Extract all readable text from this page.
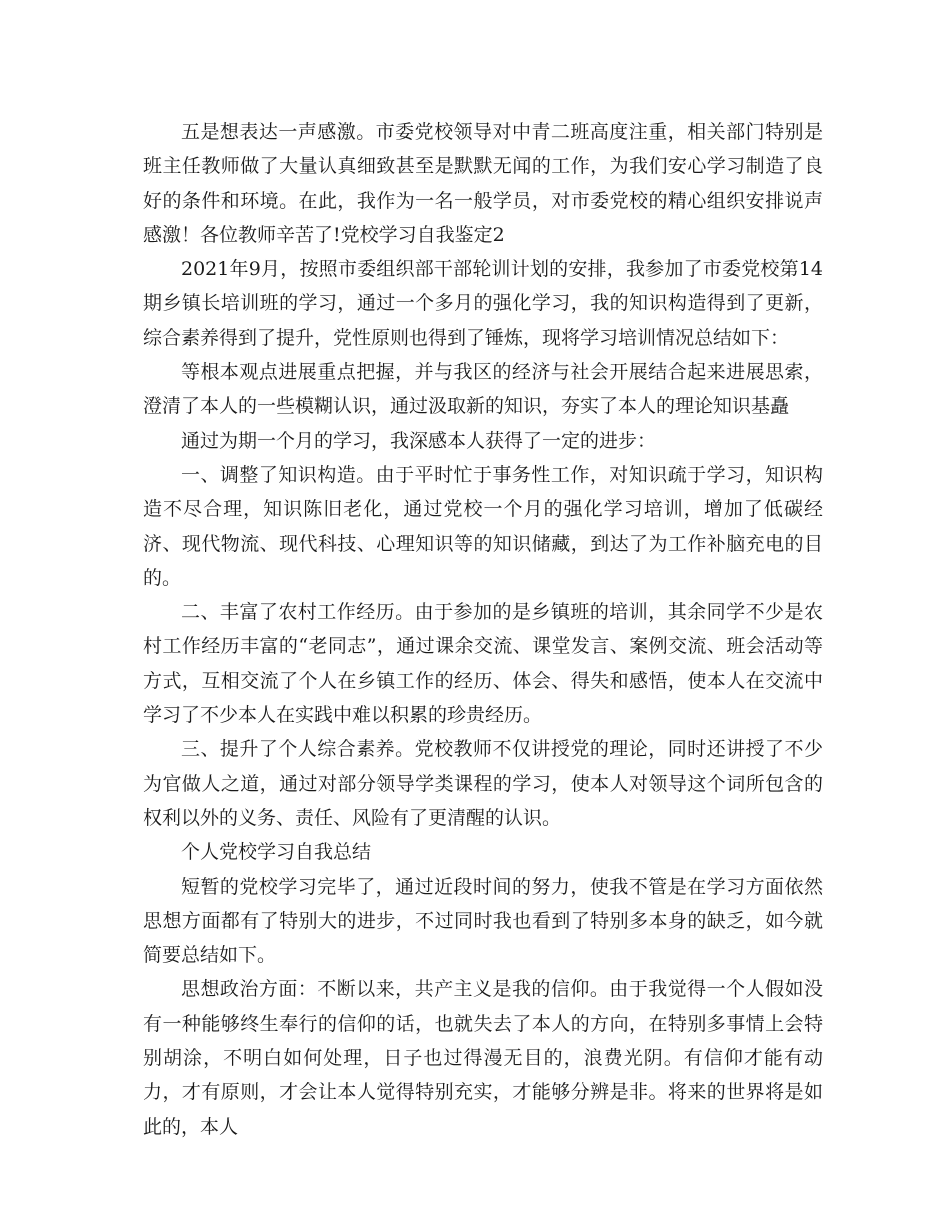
五是想表达一声感激。市委党校领导对中青二班高度注重，相关部门特别是班主任教师做了大量认真细致甚至是默默无闻的工作，为我们安心学习制造了良好的条件和环境。在此，我作为一名一般学员，对市委党校的精心组织安排说声感激！各位教师辛苦了!党校学习自我鉴定2

2021年9月，按照市委组织部干部轮训计划的安排，我参加了市委党校第14期乡镇长培训班的学习，通过一个多月的强化学习，我的知识构造得到了更新，综合素养得到了提升，党性原则也得到了锤炼，现将学习培训情况总结如下：

等根本观点进展重点把握，并与我区的经济与社会开展结合起来进展思索，澄清了本人的一些模糊认识，通过汲取新的知识，夯实了本人的理论知识基矗

通过为期一个月的学习，我深感本人获得了一定的进步：

一、调整了知识构造。由于平时忙于事务性工作，对知识疏于学习，知识构造不尽合理，知识陈旧老化，通过党校一个月的强化学习培训，增加了低碳经济、现代物流、现代科技、心理知识等的知识储藏，到达了为工作补脑充电的目的。

二、丰富了农村工作经历。由于参加的是乡镇班的培训，其余同学不少是农村工作经历丰富的“老同志”，通过课余交流、课堂发言、案例交流、班会活动等方式，互相交流了个人在乡镇工作的经历、体会、得失和感悟，使本人在交流中学习了不少本人在实践中难以积累的珍贵经历。

三、提升了个人综合素养。党校教师不仅讲授党的理论，同时还讲授了不少为官做人之道，通过对部分领导学类课程的学习，使本人对领导这个词所包含的权利以外的义务、责任、风险有了更清醒的认识。

个人党校学习自我总结

短暂的党校学习完毕了，通过近段时间的努力，使我不管是在学习方面依然思想方面都有了特别大的进步，不过同时我也看到了特别多本身的缺乏，如今就简要总结如下。

思想政治方面：不断以来，共产主义是我的信仰。由于我觉得一个人假如没有一种能够终生奉行的信仰的话，也就失去了本人的方向，在特别多事情上会特别胡涂，不明白如何处理，日子也过得漫无目的，浪费光阴。有信仰才能有动力，才有原则，才会让本人觉得特别充实，才能够分辨是非。将来的世界将是如此的，本人
